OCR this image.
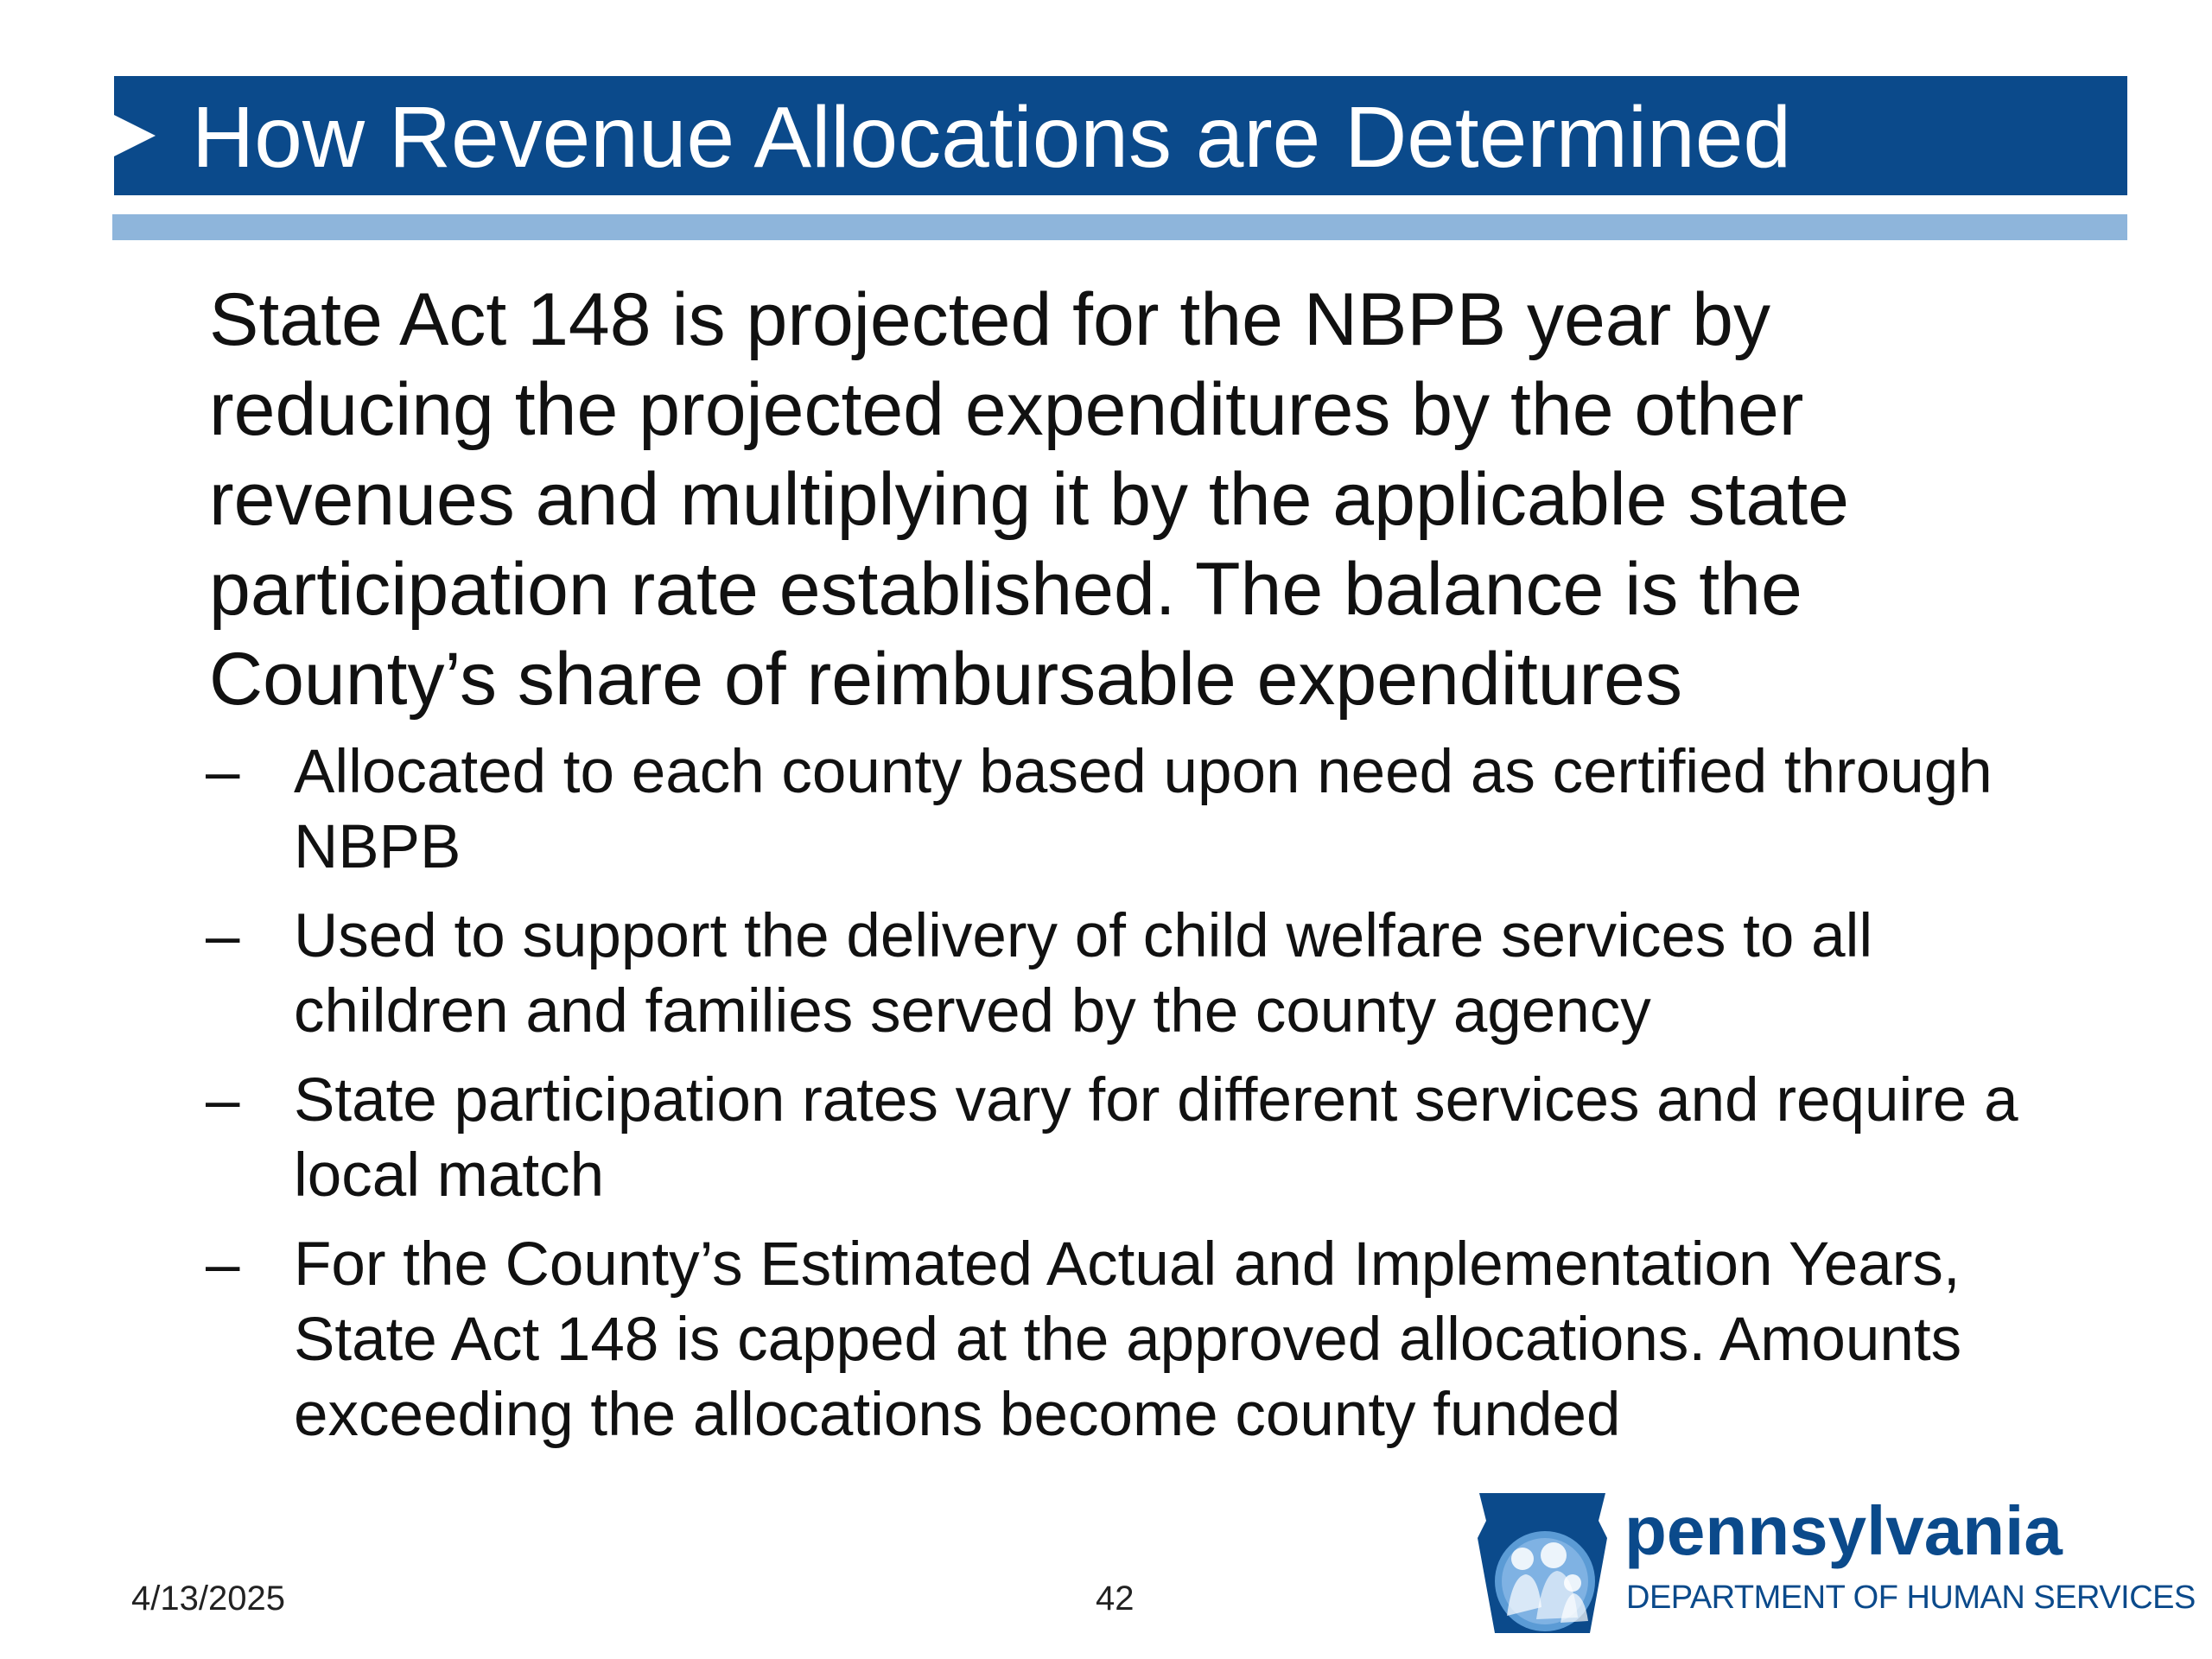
How Revenue Allocations are Determined

State Act 148 is projected for the NBPB year by reducing the projected expenditures by the other revenues and multiplying it by the applicable state participation rate established. The balance is the County’s share of reimbursable expenditures

– Allocated to each county based upon need as certified through NBPB
– Used to support the delivery of child welfare services to all children and families served by the county agency
– State participation rates vary for different services and require a local match
– For the County’s Estimated Actual and Implementation Years, State Act 148 is capped at the approved allocations. Amounts exceeding the allocations become county funded
4/13/2025	42
pennsylvania
DEPARTMENT OF HUMAN SERVICES
